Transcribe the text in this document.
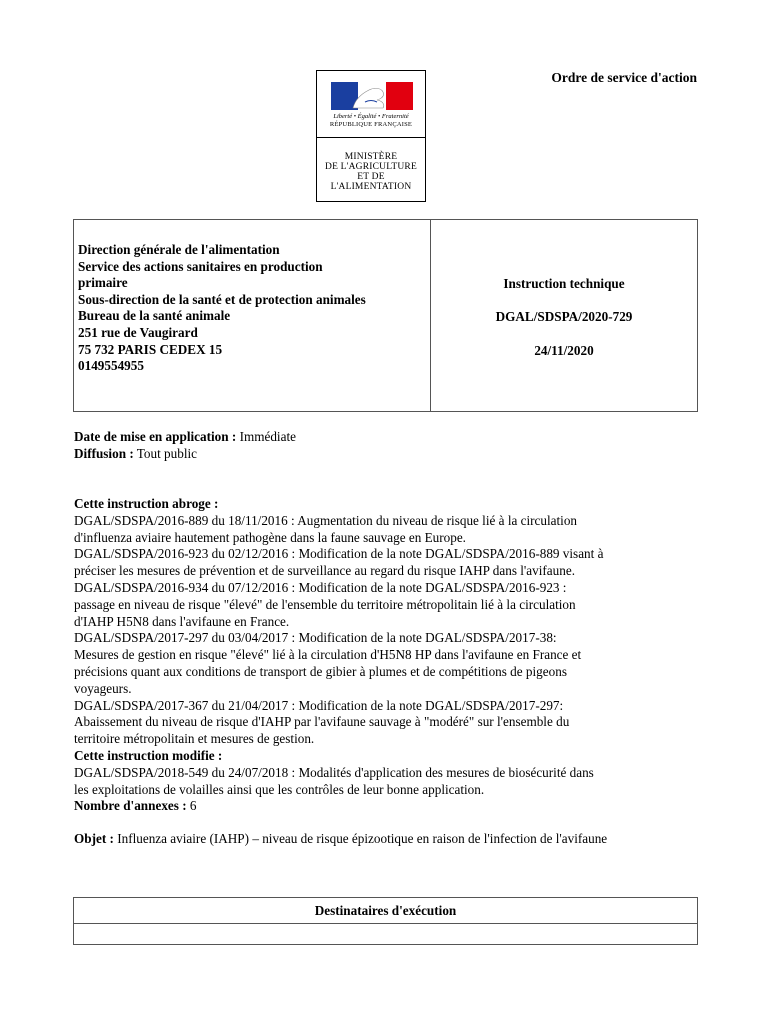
Liberté • Égalité • Fraternité
RÉPUBLIQUE FRANÇAISE
MINISTÈRE
DE L'AGRICULTURE
ET DE
L'ALIMENTATION
Ordre de service d'action
Direction générale de l'alimentation
Service des actions sanitaires en production
primaire
Sous-direction de la santé et de protection animales
Bureau de la santé animale
251 rue de Vaugirard
75 732 PARIS CEDEX 15
0149554955
Instruction technique
DGAL/SDSPA/2020-729
24/11/2020
Date de mise en application : Immédiate
Diffusion : Tout public
Cette instruction abroge :
DGAL/SDSPA/2016-889 du 18/11/2016 : Augmentation du niveau de risque lié à la circulation
d'influenza aviaire hautement pathogène dans la faune sauvage en Europe.
DGAL/SDSPA/2016-923 du 02/12/2016 : Modification de la note DGAL/SDSPA/2016-889 visant à
préciser les mesures de prévention et de surveillance au regard du risque IAHP dans l'avifaune.
DGAL/SDSPA/2016-934 du 07/12/2016 : Modification de la note DGAL/SDSPA/2016-923 :
passage en niveau de risque "élevé" de l'ensemble du territoire métropolitain lié à la circulation
d'IAHP H5N8 dans l'avifaune en France.
DGAL/SDSPA/2017-297 du 03/04/2017 : Modification de la note DGAL/SDSPA/2017-38:
Mesures de gestion en risque "élevé" lié à la circulation d'H5N8 HP dans l'avifaune en France et
précisions quant aux conditions de transport de gibier à plumes et de compétitions de pigeons
voyageurs.
DGAL/SDSPA/2017-367 du 21/04/2017 : Modification de la note DGAL/SDSPA/2017-297:
Abaissement du niveau de risque d'IAHP par l'avifaune sauvage à "modéré" sur l'ensemble du
territoire métropolitain et mesures de gestion.
Cette instruction modifie :
DGAL/SDSPA/2018-549 du 24/07/2018 : Modalités d'application des mesures de biosécurité dans
les exploitations de volailles ainsi que les contrôles de leur bonne application.
Nombre d'annexes : 6
Objet : Influenza aviaire (IAHP) – niveau de risque épizootique en raison de l'infection de l'avifaune
Destinataires d'exécution
